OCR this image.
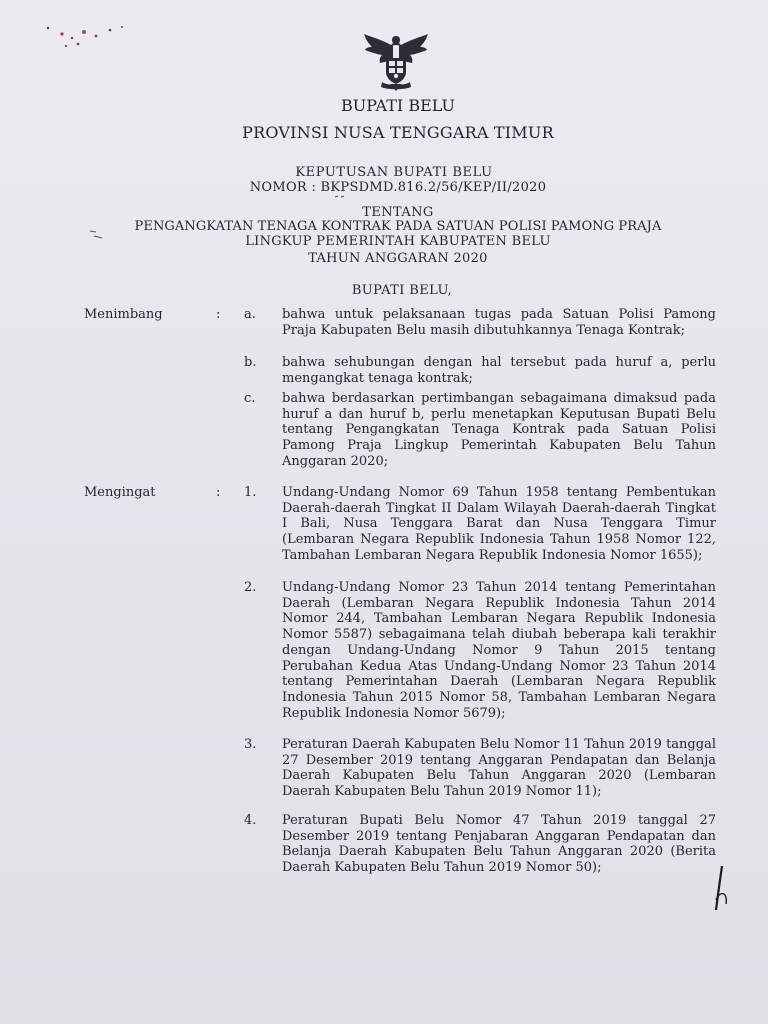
BUPATI BELU
PROVINSI NUSA TENGGARA TIMUR
KEPUTUSAN BUPATI BELU
NOMOR : BKPSDMD.816.2/56/KEP/II/2020
TENTANG
PENGANGKATAN TENAGA KONTRAK PADA SATUAN POLISI PAMONG PRAJA
LINGKUP PEMERINTAH KABUPATEN BELU
TAHUN ANGGARAN 2020
BUPATI BELU,
Menimbang	: a.	bahwa untuk pelaksanaan tugas pada Satuan Polisi Pamong Praja Kabupaten Belu masih dibutuhkannya Tenaga Kontrak;
b.	bahwa sehubungan dengan hal tersebut pada huruf a, perlu mengangkat tenaga kontrak;
c.	bahwa berdasarkan pertimbangan sebagaimana dimaksud pada huruf a dan huruf b, perlu menetapkan Keputusan Bupati Belu tentang Pengangkatan Tenaga Kontrak pada Satuan Polisi Pamong Praja Lingkup Pemerintah Kabupaten Belu Tahun Anggaran 2020;
Mengingat	: 1.	Undang-Undang Nomor 69 Tahun 1958 tentang Pembentukan Daerah-daerah Tingkat II Dalam Wilayah Daerah-daerah Tingkat I Bali, Nusa Tenggara Barat dan Nusa Tenggara Timur (Lembaran Negara Republik Indonesia Tahun 1958 Nomor 122, Tambahan Lembaran Negara Republik Indonesia Nomor 1655);
2.	Undang-Undang Nomor 23 Tahun 2014 tentang Pemerintahan Daerah (Lembaran Negara Republik Indonesia Tahun 2014 Nomor 244, Tambahan Lembaran Negara Republik Indonesia Nomor 5587) sebagaimana telah diubah beberapa kali terakhir dengan Undang-Undang Nomor 9 Tahun 2015 tentang Perubahan Kedua Atas Undang-Undang Nomor 23 Tahun 2014 tentang Pemerintahan Daerah (Lembaran Negara Republik Indonesia Tahun 2015 Nomor 58, Tambahan Lembaran Negara Republik Indonesia Nomor 5679);
3.	Peraturan Daerah Kabupaten Belu Nomor 11 Tahun 2019 tanggal 27 Desember 2019 tentang Anggaran Pendapatan dan Belanja Daerah Kabupaten Belu Tahun Anggaran 2020 (Lembaran Daerah Kabupaten Belu Tahun 2019 Nomor 11);
4.	Peraturan Bupati Belu Nomor 47 Tahun 2019 tanggal 27 Desember 2019 tentang Penjabaran Anggaran Pendapatan dan Belanja Daerah Kabupaten Belu Tahun Anggaran 2020 (Berita Daerah Kabupaten Belu Tahun 2019 Nomor 50);
